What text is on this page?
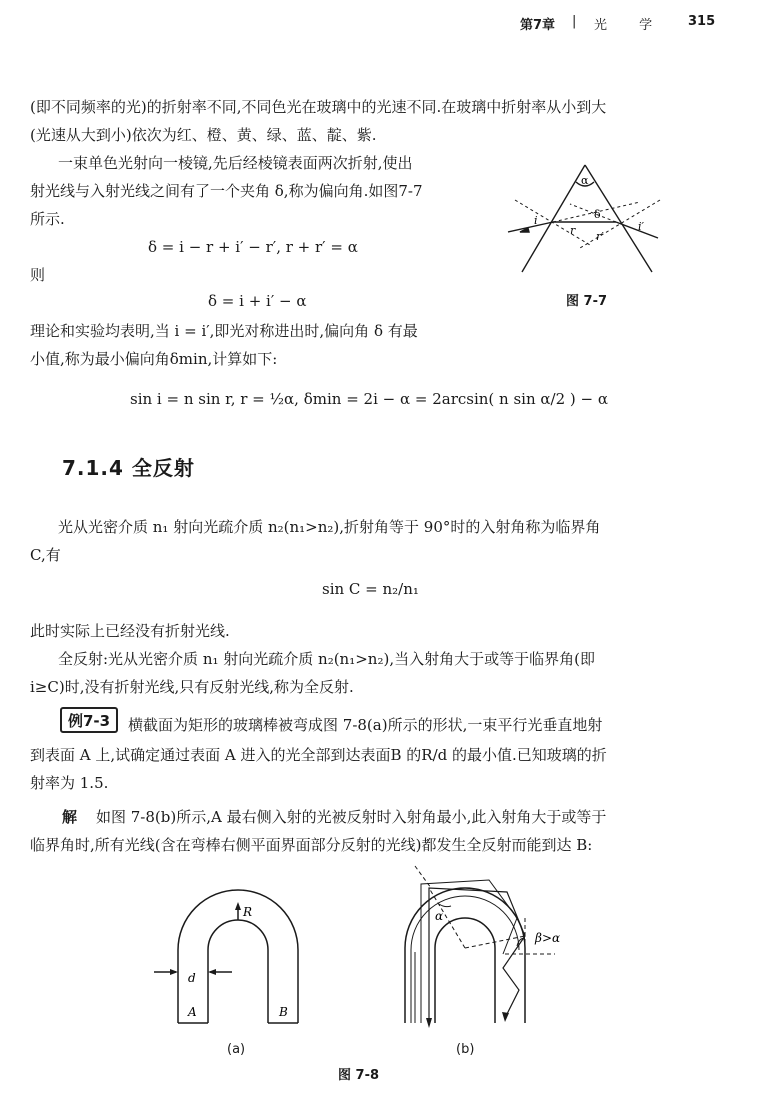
第7章 | 光 学 315
(即不同频率的光)的折射率不同,不同色光在玻璃中的光速不同.在玻璃中折射率从小到大
(光速从大到小)依次为红、橙、黄、绿、蓝、靛、紫.
一束单色光射向一棱镜,先后经棱镜表面两次折射,使出
射光线与入射光线之间有了一个夹角 δ,称为偏向角.如图7-7
所示.
δ = i − r + i′ − r′, r + r′ = α
则
δ = i + i′ − α
理论和实验均表明,当 i = i′,即光对称进出时,偏向角 δ 有最
小值,称为最小偏向角δmin,计算如下:
sin i = n sin r, r = ½α, δmin = 2i − α = 2arcsin( n sin α/2 ) − α
α
δ
i
r r′
i′
图 7-7
7.1.4 全反射
光从光密介质 n₁ 射向光疏介质 n₂(n₁>n₂),折射角等于 90°时的入射角称为临界角
C,有
sin C = n₂/n₁
此时实际上已经没有折射光线.
全反射:光从光密介质 n₁ 射向光疏介质 n₂(n₁>n₂),当入射角大于或等于临界角(即
i≥C)时,没有折射光线,只有反射光线,称为全反射.
例7-3	横截面为矩形的玻璃棒被弯成图 7-8(a)所示的形状,一束平行光垂直地射
到表面 A 上,试确定通过表面 A 进入的光全部到达表面B 的R/d 的最小值.已知玻璃的折
射率为 1.5.
解 如图 7-8(b)所示,A 最右侧入射的光被反射时入射角最小,此入射角大于或等于
临界角时,所有光线(含在弯棒右侧平面界面部分反射的光线)都发生全反射而能到达 B:
R
d
A	B
(a)
α
β>α
(b)
图 7-8
